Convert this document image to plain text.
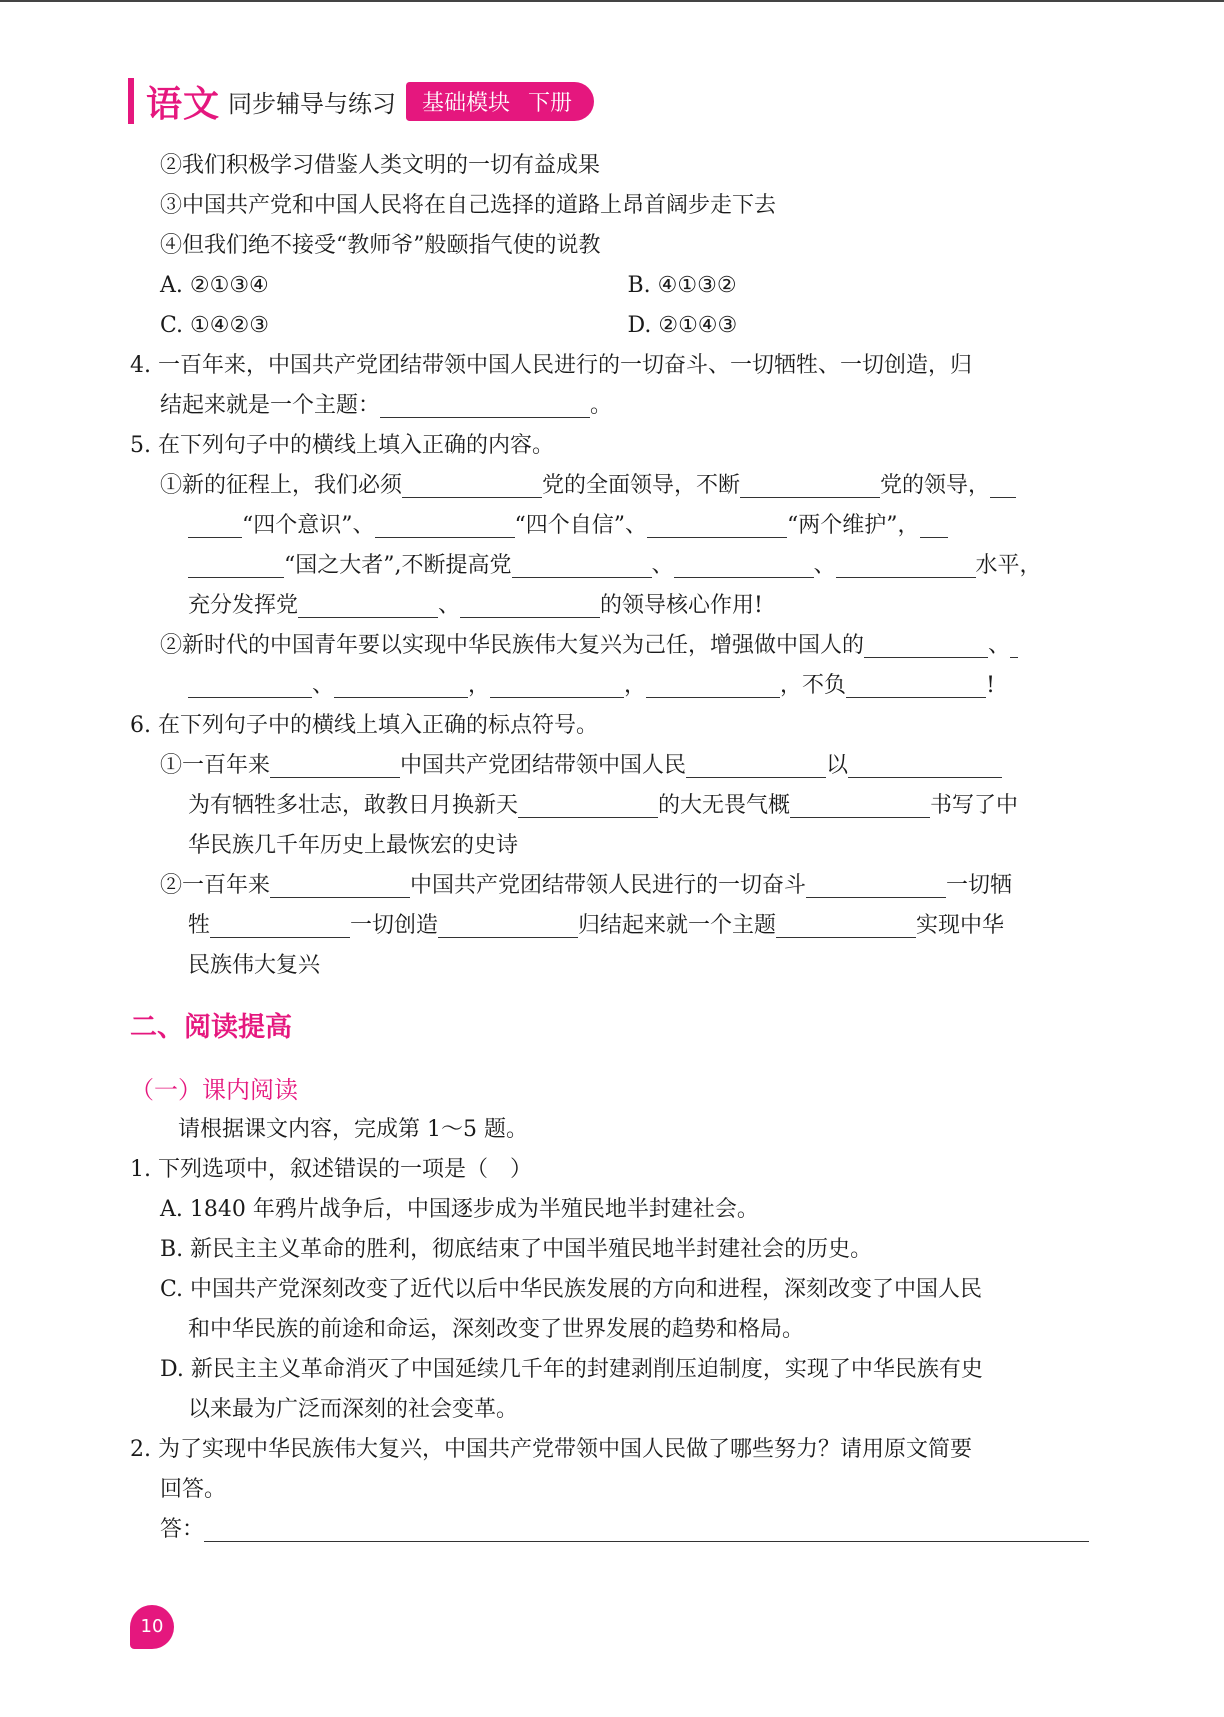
语文 同步辅导与练习	基础模块 下册
②我们积极学习借鉴人类文明的一切有益成果
③中国共产党和中国人民将在自己选择的道路上昂首阔步走下去
④但我们绝不接受“教师爷”般颐指气使的说教
A. ②①③④	B. ④①③②
C. ①④②③	D. ②①④③
4. 一百年来，中国共产党团结带领中国人民进行的一切奋斗、一切牺牲、一切创造，归
结起来就是一个主题：	。
5. 在下列句子中的横线上填入正确的内容。
①新的征程上，我们必须	党的全面领导，不断	党的领导，
“四个意识”、	“四个自信”、	“两个维护”，
“国之大者”,不断提高党	、	、	水平，
充分发挥党	、	的领导核心作用!
②新时代的中国青年要以实现中华民族伟大复兴为己任，增强做中国人的	、
、	，	，	，不负	!
6. 在下列句子中的横线上填入正确的标点符号。
①一百年来	中国共产党团结带领中国人民	以
为有牺牲多壮志，敢教日月换新天	的大无畏气概	书写了中
华民族几千年历史上最恢宏的史诗
②一百年来	中国共产党团结带领人民进行的一切奋斗	一切牺
牲	一切创造	归结起来就一个主题	实现中华
民族伟大复兴
二、阅读提高
（一）课内阅读
请根据课文内容，完成第 1～5 题。
1. 下列选项中，叙述错误的一项是（　）
A. 1840 年鸦片战争后，中国逐步成为半殖民地半封建社会。
B. 新民主主义革命的胜利，彻底结束了中国半殖民地半封建社会的历史。
C. 中国共产党深刻改变了近代以后中华民族发展的方向和进程，深刻改变了中国人民
和中华民族的前途和命运，深刻改变了世界发展的趋势和格局。
D. 新民主主义革命消灭了中国延续几千年的封建剥削压迫制度，实现了中华民族有史
以来最为广泛而深刻的社会变革。
2. 为了实现中华民族伟大复兴，中国共产党带领中国人民做了哪些努力？请用原文简要
回答。
答：
10
